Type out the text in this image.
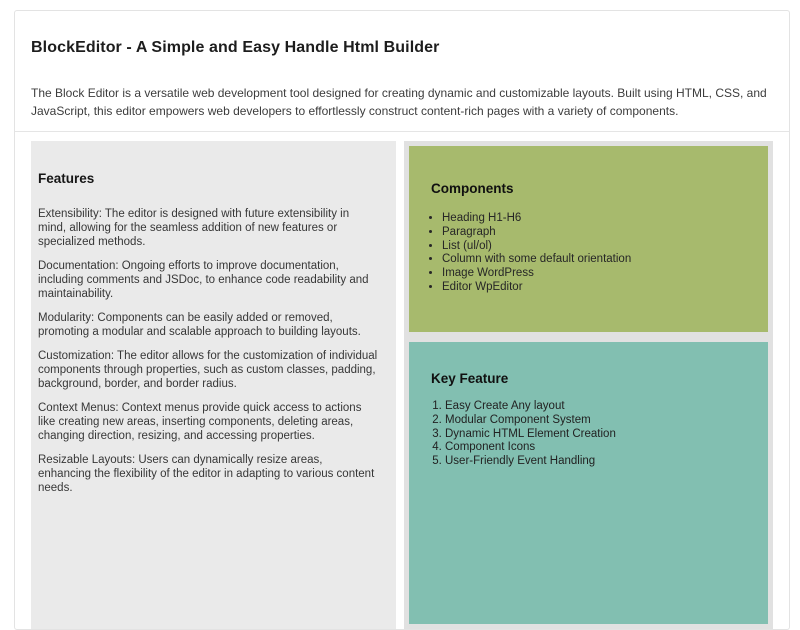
BlockEditor - A Simple and Easy Handle Html Builder

The Block Editor is a versatile web development tool designed for creating dynamic and customizable layouts. Built using HTML, CSS, and JavaScript, this editor empowers web developers to effortlessly construct content-rich pages with a variety of components.

Features

Extensibility: The editor is designed with future extensibility in mind, allowing for the seamless addition of new features or specialized methods.

Documentation: Ongoing efforts to improve documentation, including comments and JSDoc, to enhance code readability and maintainability.

Modularity: Components can be easily added or removed, promoting a modular and scalable approach to building layouts.

Customization: The editor allows for the customization of individual components through properties, such as custom classes, padding, background, border, and border radius.

Context Menus: Context menus provide quick access to actions like creating new areas, inserting components, deleting areas, changing direction, resizing, and accessing properties.

Resizable Layouts: Users can dynamically resize areas, enhancing the flexibility of the editor in adapting to various content needs.

Components
• Heading H1-H6
• Paragraph
• List (ul/ol)
• Column with some default orientation
• Image WordPress
• Editor WpEditor
Key Feature
1. Easy Create Any layout
2. Modular Component System
3. Dynamic HTML Element Creation
4. Component Icons
5. User-Friendly Event Handling
